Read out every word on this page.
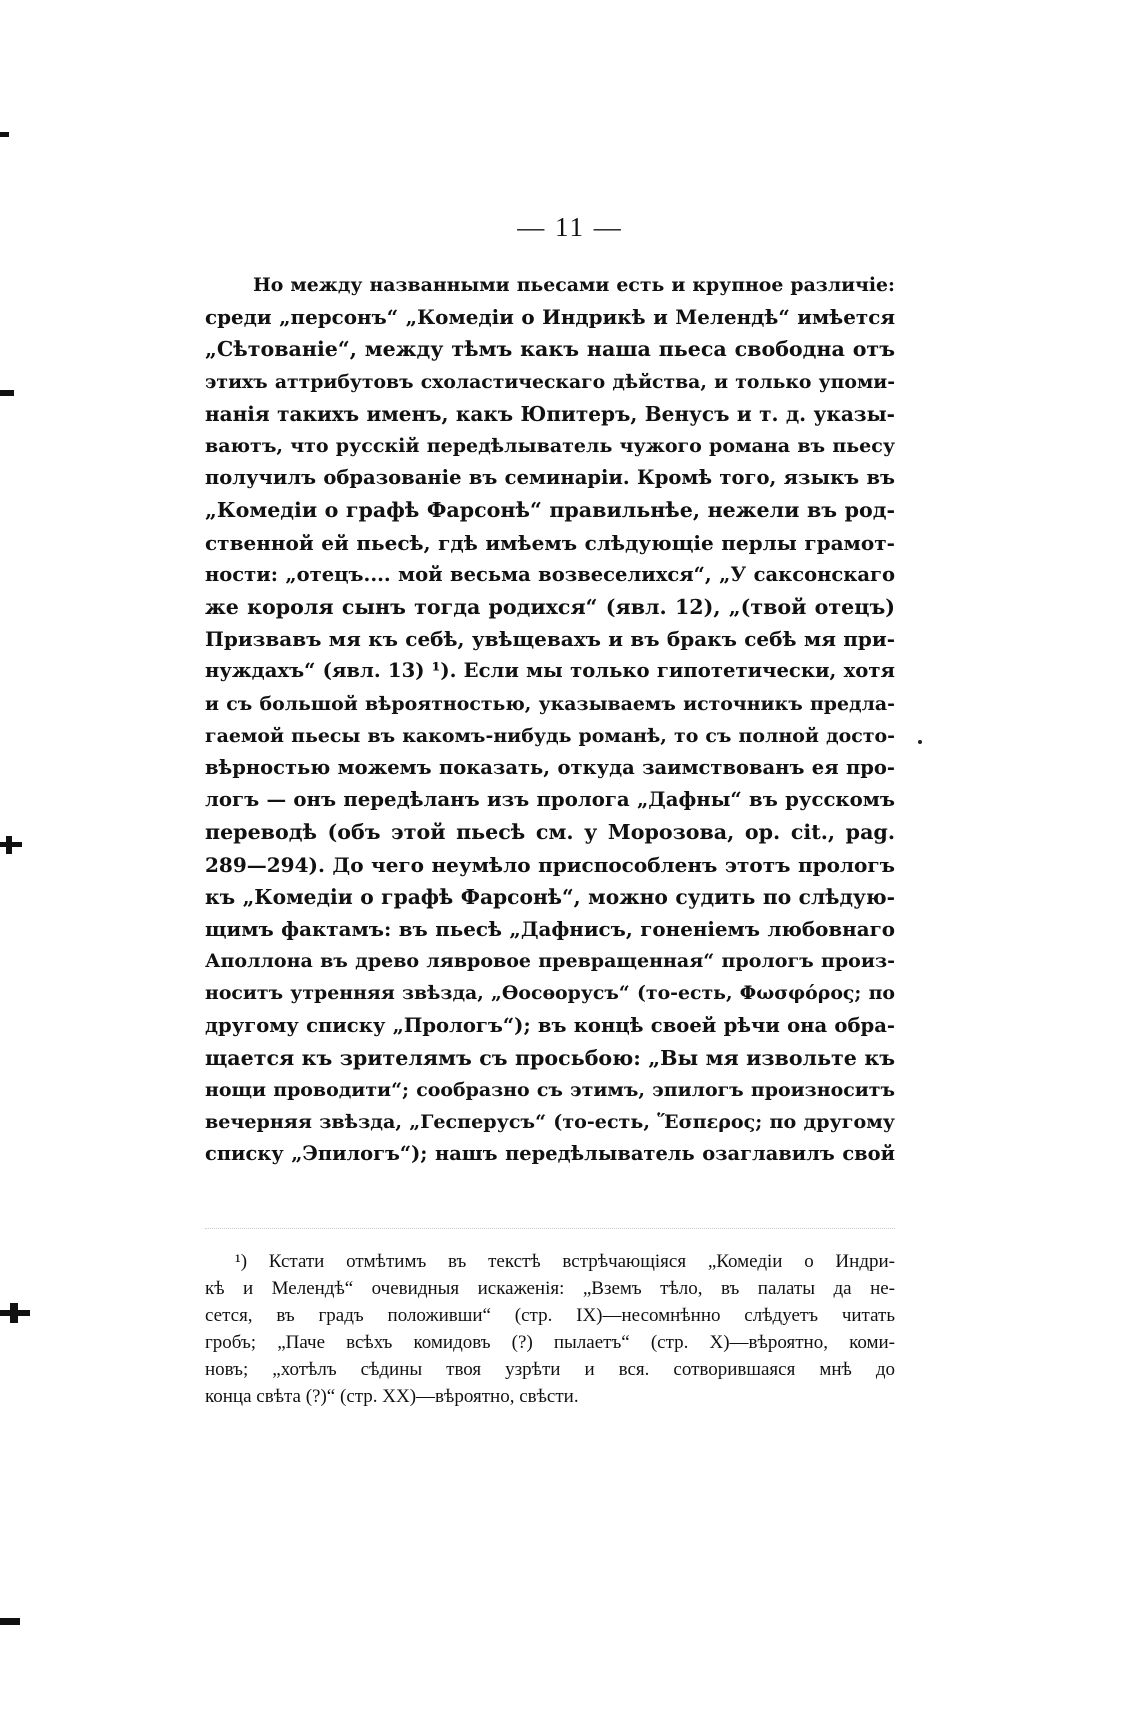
— 11 —
Но между названными пьесами есть и крупное различіе:
среди „персонъ“ „Комедіи о Индрикѣ и Мелендѣ“ имѣется
„Сѣтованіе“, между тѣмъ какъ наша пьеса свободна отъ
этихъ аттрибутовъ схоластическаго дѣйства, и только упоми-
нанія такихъ именъ, какъ Юпитеръ, Венусъ и т. д. указы-
ваютъ, что русскій передѣлыватель чужого романа въ пьесу
получилъ образованіе въ семинаріи. Кромѣ того, языкъ въ
„Комедіи о графѣ Фарсонѣ“ правильнѣе, нежели въ род-
ственной ей пьесѣ, гдѣ имѣемъ слѣдующіе перлы грамот-
ности: „отецъ.... мой весьма возвеселихся“, „У саксонскаго
же короля сынъ тогда родихся“ (явл. 12), „(твой отецъ)
Призвавъ мя къ себѣ, увѣщевахъ и въ бракъ себѣ мя при-
нуждахъ“ (явл. 13) ¹). Если мы только гипотетически, хотя
и съ большой вѣроятностью, указываемъ источникъ предла-
гаемой пьесы въ какомъ-нибудь романѣ, то съ полной досто-
вѣрностью можемъ показать, откуда заимствованъ ея про-
логъ — онъ передѣланъ изъ пролога „Дафны“ въ русскомъ
переводѣ (объ этой пьесѣ см. у Морозова, op. cit., pag.
289—294). До чего неумѣло приспособленъ этотъ прологъ
къ „Комедіи о графѣ Фарсонѣ“, можно судить по слѣдую-
щимъ фактамъ: въ пьесѣ „Дафнисъ, гоненіемъ любовнаго
Аполлона въ древо лявровое превращенная“ прологъ произ-
носитъ утренняя звѣзда, „Өосөорусъ“ (то-есть, Φωσφόρος; по
другому списку „Прологъ“); въ концѣ своей рѣчи она обра-
щается къ зрителямъ съ просьбою: „Вы мя извольте къ
нощи проводити“; сообразно съ этимъ, эпилогъ произноситъ
вечерняя звѣзда, „Гесперусъ“ (то-есть, Ἕσπερος; по другому
списку „Эпилогъ“); нашъ передѣлыватель озаглавилъ свой
¹) Кстати отмѣтимъ въ текстѣ встрѣчающіяся „Комедіи о Индри-
кѣ и Мелендѣ“ очевидныя искаженія: „Вземъ тѣло, въ палаты да не-
сется, въ градъ положивши“ (стр. IX)—несомнѣнно слѣдуетъ читать
гробъ; „Паче всѣхъ комидовъ (?) пылаетъ“ (стр. X)—вѣроятно, коми-
новъ; „хотѣлъ сѣдины твоя узрѣти и вся. сотворившаяся мнѣ до
конца свѣта (?)“ (стр. XX)—вѣроятно, свѣсти.
